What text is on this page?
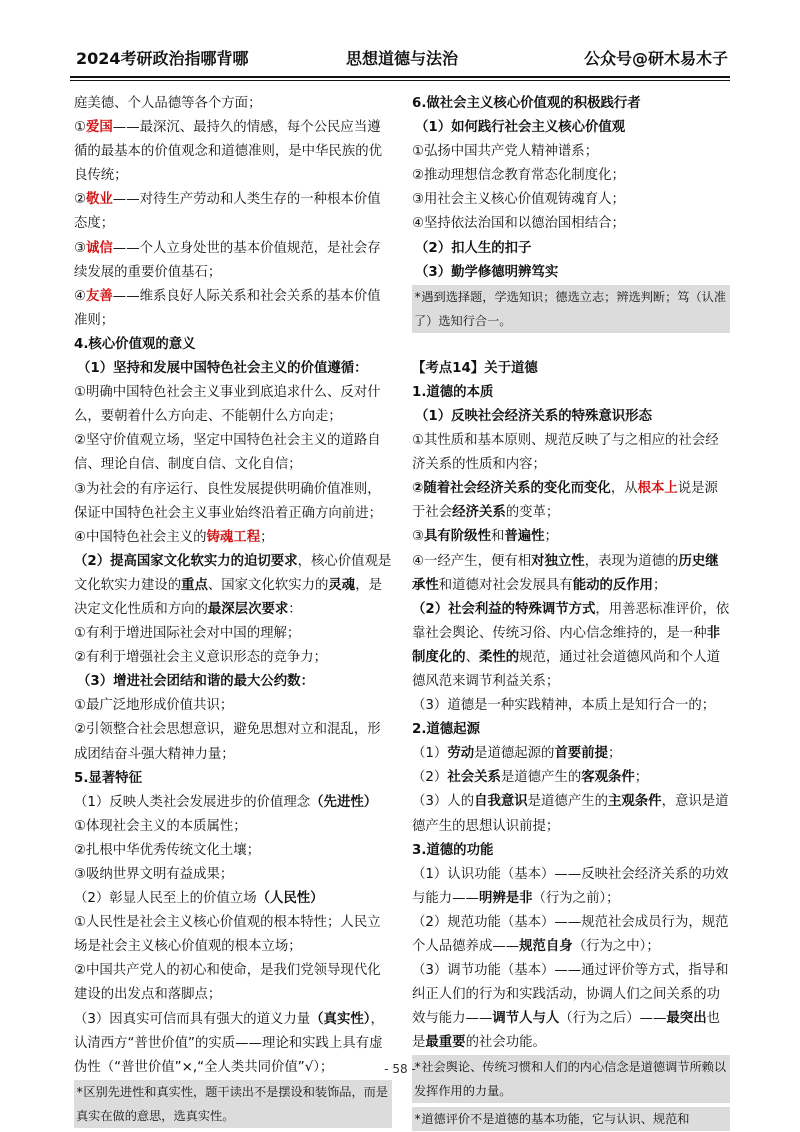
2024考研政治指哪背哪	思想道德与法治	公众号@研木易木子

庭美德、个人品德等各个方面；

①爱国——最深沉、最持久的情感，每个公民应当遵循的最基本的价值观念和道德准则，是中华民族的优良传统；

②敬业——对待生产劳动和人类生存的一种根本价值态度；

③诚信——个人立身处世的基本价值规范，是社会存续发展的重要价值基石；

④友善——维系良好人际关系和社会关系的基本价值准则；

4.核心价值观的意义

（1）坚持和发展中国特色社会主义的价值遵循：

①明确中国特色社会主义事业到底追求什么、反对什么，要朝着什么方向走、不能朝什么方向走；

②坚守价值观立场，坚定中国特色社会主义的道路自信、理论自信、制度自信、文化自信；

③为社会的有序运行、良性发展提供明确价值准则，保证中国特色社会主义事业始终沿着正确方向前进；

④中国特色社会主义的铸魂工程；

（2）提高国家文化软实力的迫切要求，核心价值观是文化软实力建设的重点、国家文化软实力的灵魂，是决定文化性质和方向的最深层次要求：

①有利于增进国际社会对中国的理解；

②有利于增强社会主义意识形态的竞争力；

（3）增进社会团结和谐的最大公约数：

①最广泛地形成价值共识；

②引领整合社会思想意识，避免思想对立和混乱，形成团结奋斗强大精神力量；

5.显著特征

（1）反映人类社会发展进步的价值理念（先进性）

①体现社会主义的本质属性；

②扎根中华优秀传统文化土壤；

③吸纳世界文明有益成果；

（2）彰显人民至上的价值立场（人民性）

①人民性是社会主义核心价值观的根本特性；人民立场是社会主义核心价值观的根本立场；

②中国共产党人的初心和使命，是我们党领导现代化建设的出发点和落脚点；

（3）因真实可信而具有强大的道义力量（真实性），认清西方“普世价值”的实质——理论和实践上具有虚伪性（“普世价值”×,“全人类共同价值”√）；

*区别先进性和真实性，题干读出不是摆设和装饰品，而是真实在做的意思，选真实性。

6.做社会主义核心价值观的积极践行者

（1）如何践行社会主义核心价值观

①弘扬中国共产党人精神谱系；

②推动理想信念教育常态化制度化；

③用社会主义核心价值观铸魂育人；

④坚持依法治国和以德治国相结合；

（2）扣人生的扣子

（3）勤学修德明辨笃实

*遇到选择题，学选知识；德选立志；辨选判断；笃（认准了）选知行合一。

【考点14】关于道德

1.道德的本质

（1）反映社会经济关系的特殊意识形态

①其性质和基本原则、规范反映了与之相应的社会经济关系的性质和内容；

②随着社会经济关系的变化而变化，从根本上说是源于社会经济关系的变革；

③具有阶级性和普遍性；

④一经产生，便有相对独立性，表现为道德的历史继承性和道德对社会发展具有能动的反作用；

（2）社会利益的特殊调节方式，用善恶标准评价，依靠社会舆论、传统习俗、内心信念维持的，是一种非制度化的、柔性的规范，通过社会道德风尚和个人道德风范来调节利益关系；

（3）道德是一种实践精神，本质上是知行合一的；

2.道德起源

（1）劳动是道德起源的首要前提；

（2）社会关系是道德产生的客观条件；

（3）人的自我意识是道德产生的主观条件，意识是道德产生的思想认识前提；

3.道德的功能

（1）认识功能（基本）——反映社会经济关系的功效与能力——明辨是非（行为之前）；

（2）规范功能（基本）——规范社会成员行为，规范个人品德养成——规范自身（行为之中）；

（3）调节功能（基本）——通过评价等方式，指导和纠正人们的行为和实践活动，协调人们之间关系的功效与能力——调节人与人（行为之后）——最突出也是最重要的社会功能。

*社会舆论、传统习惯和人们的内心信念是道德调节所赖以发挥作用的力量。

*道德评价不是道德的基本功能，它与认识、规范和

- 58 -
